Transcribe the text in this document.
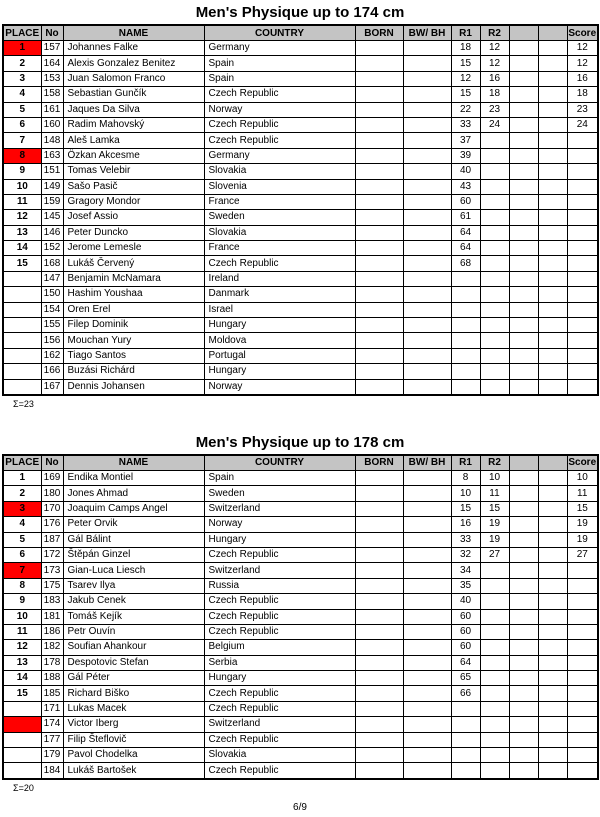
Men's Physique up to 174 cm
PLACE	No	NAME	COUNTRY	BORN	BW/ BH	R1	R2			Score
1	157	Johannes Falke	Germany			18	12			12
2	164	Alexis Gonzalez Benitez	Spain			15	12			12
3	153	Juan Salomon Franco	Spain			12	16			16
4	158	Sebastian Gunčík	Czech Republic			15	18			18
5	161	Jaques Da Silva	Norway			22	23			23
6	160	Radim Mahovský	Czech Republic			33	24			24
7	148	Aleš Lamka	Czech Republic			37				
8	163	Özkan Akcesme	Germany			39				
9	151	Tomas Velebir	Slovakia			40				
10	149	Sašo Pasič	Slovenia			43				
11	159	Gragory Mondor	France			60				
12	145	Josef Assio	Sweden			61				
13	146	Peter Duncko	Slovakia			64				
14	152	Jerome Lemesle	France			64				
15	168	Lukáš Červený	Czech Republic			68				
	147	Benjamin McNamara	Ireland							
	150	Hashim Youshaa	Danmark							
	154	Oren Erel	Israel							
	155	Filep Dominik	Hungary							
	156	Mouchan Yury	Moldova							
	162	Tiago Santos	Portugal							
	166	Buzási Richárd	Hungary							
	167	Dennis Johansen	Norway							
Σ=23
Men's Physique up to 178 cm
PLACE	No	NAME	COUNTRY	BORN	BW/ BH	R1	R2			Score
1	169	Endika Montiel	Spain			8	10			10
2	180	Jones Ahmad	Sweden			10	11			11
3	170	Joaquim Camps Angel	Switzerland			15	15			15
4	176	Peter Orvik	Norway			16	19			19
5	187	Gál Bálint	Hungary			33	19			19
6	172	Štěpán Ginzel	Czech Republic			32	27			27
7	173	Gian-Luca Liesch	Switzerland			34				
8	175	Tsarev Ilya	Russia			35				
9	183	Jakub Cenek	Czech Republic			40				
10	181	Tomáš Kejík	Czech Republic			60				
11	186	Petr Ouvín	Czech Republic			60				
12	182	Soufian Ahankour	Belgium			60				
13	178	Despotovic Stefan	Serbia			64				
14	188	Gál Péter	Hungary			65				
15	185	Richard Biško	Czech Republic			66				
	171	Lukas Macek	Czech Republic							
	174	Victor Iberg	Switzerland							
	177	Filip Šteflovič	Czech Republic							
	179	Pavol Chodelka	Slovakia							
	184	Lukáš Bartošek	Czech Republic							
Σ=20
6/9
